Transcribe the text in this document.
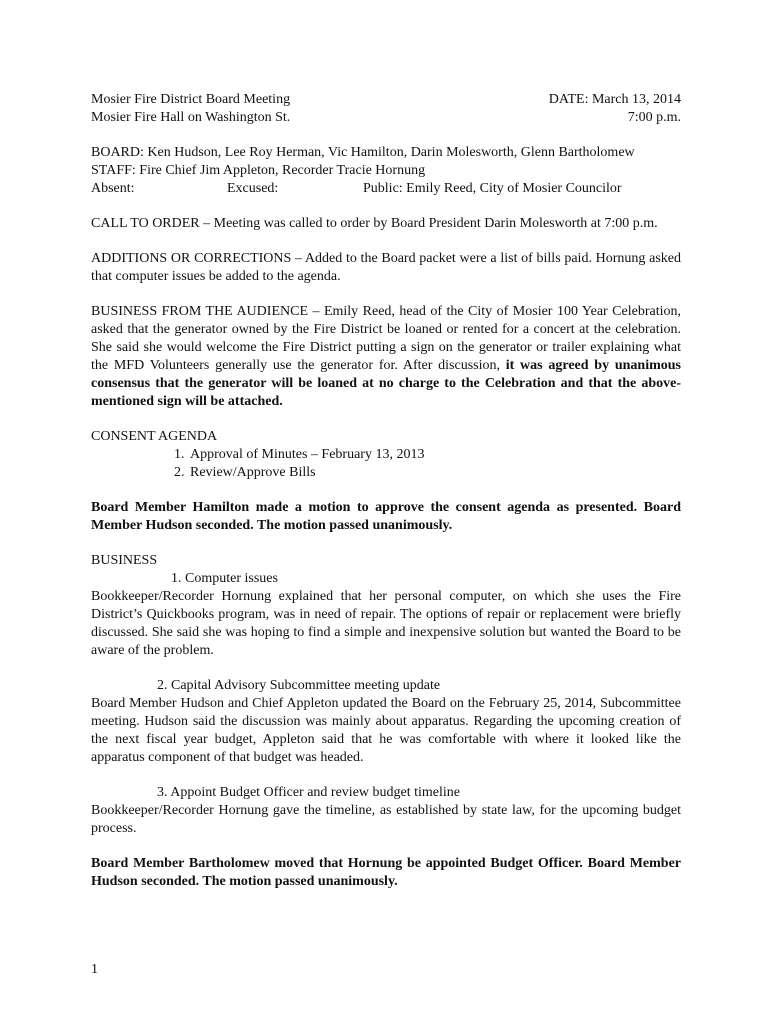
Mosier Fire District Board Meeting	DATE: March 13, 2014
Mosier Fire Hall on Washington St.	7:00 p.m.

BOARD: Ken Hudson, Lee Roy Herman, Vic Hamilton, Darin Molesworth, Glenn Bartholomew

STAFF: Fire Chief Jim Appleton, Recorder Tracie Hornung

Absent:	Excused:	Public: Emily Reed, City of Mosier Councilor

CALL TO ORDER – Meeting was called to order by Board President Darin Molesworth at 7:00 p.m.

ADDITIONS OR CORRECTIONS – Added to the Board packet were a list of bills paid. Hornung asked that computer issues be added to the agenda.

BUSINESS FROM THE AUDIENCE – Emily Reed, head of the City of Mosier 100 Year Celebration, asked that the generator owned by the Fire District be loaned or rented for a concert at the celebration. She said she would welcome the Fire District putting a sign on the generator or trailer explaining what the MFD Volunteers generally use the generator for. After discussion, it was agreed by unanimous consensus that the generator will be loaned at no charge to the Celebration and that the above-mentioned sign will be attached.

CONSENT AGENDA

1. Approval of Minutes – February 13, 2013
2. Review/Approve Bills

Board Member Hamilton made a motion to approve the consent agenda as presented. Board Member Hudson seconded. The motion passed unanimously.

BUSINESS

1. Computer issues

Bookkeeper/Recorder Hornung explained that her personal computer, on which she uses the Fire District’s Quickbooks program, was in need of repair. The options of repair or replacement were briefly discussed. She said she was hoping to find a simple and inexpensive solution but wanted the Board to be aware of the problem.

2. Capital Advisory Subcommittee meeting update

Board Member Hudson and Chief Appleton updated the Board on the February 25, 2014, Subcommittee meeting. Hudson said the discussion was mainly about apparatus. Regarding the upcoming creation of the next fiscal year budget, Appleton said that he was comfortable with where it looked like the apparatus component of that budget was headed.

3. Appoint Budget Officer and review budget timeline

Bookkeeper/Recorder Hornung gave the timeline, as established by state law, for the upcoming budget process.

Board Member Bartholomew moved that Hornung be appointed Budget Officer. Board Member Hudson seconded. The motion passed unanimously.

1
